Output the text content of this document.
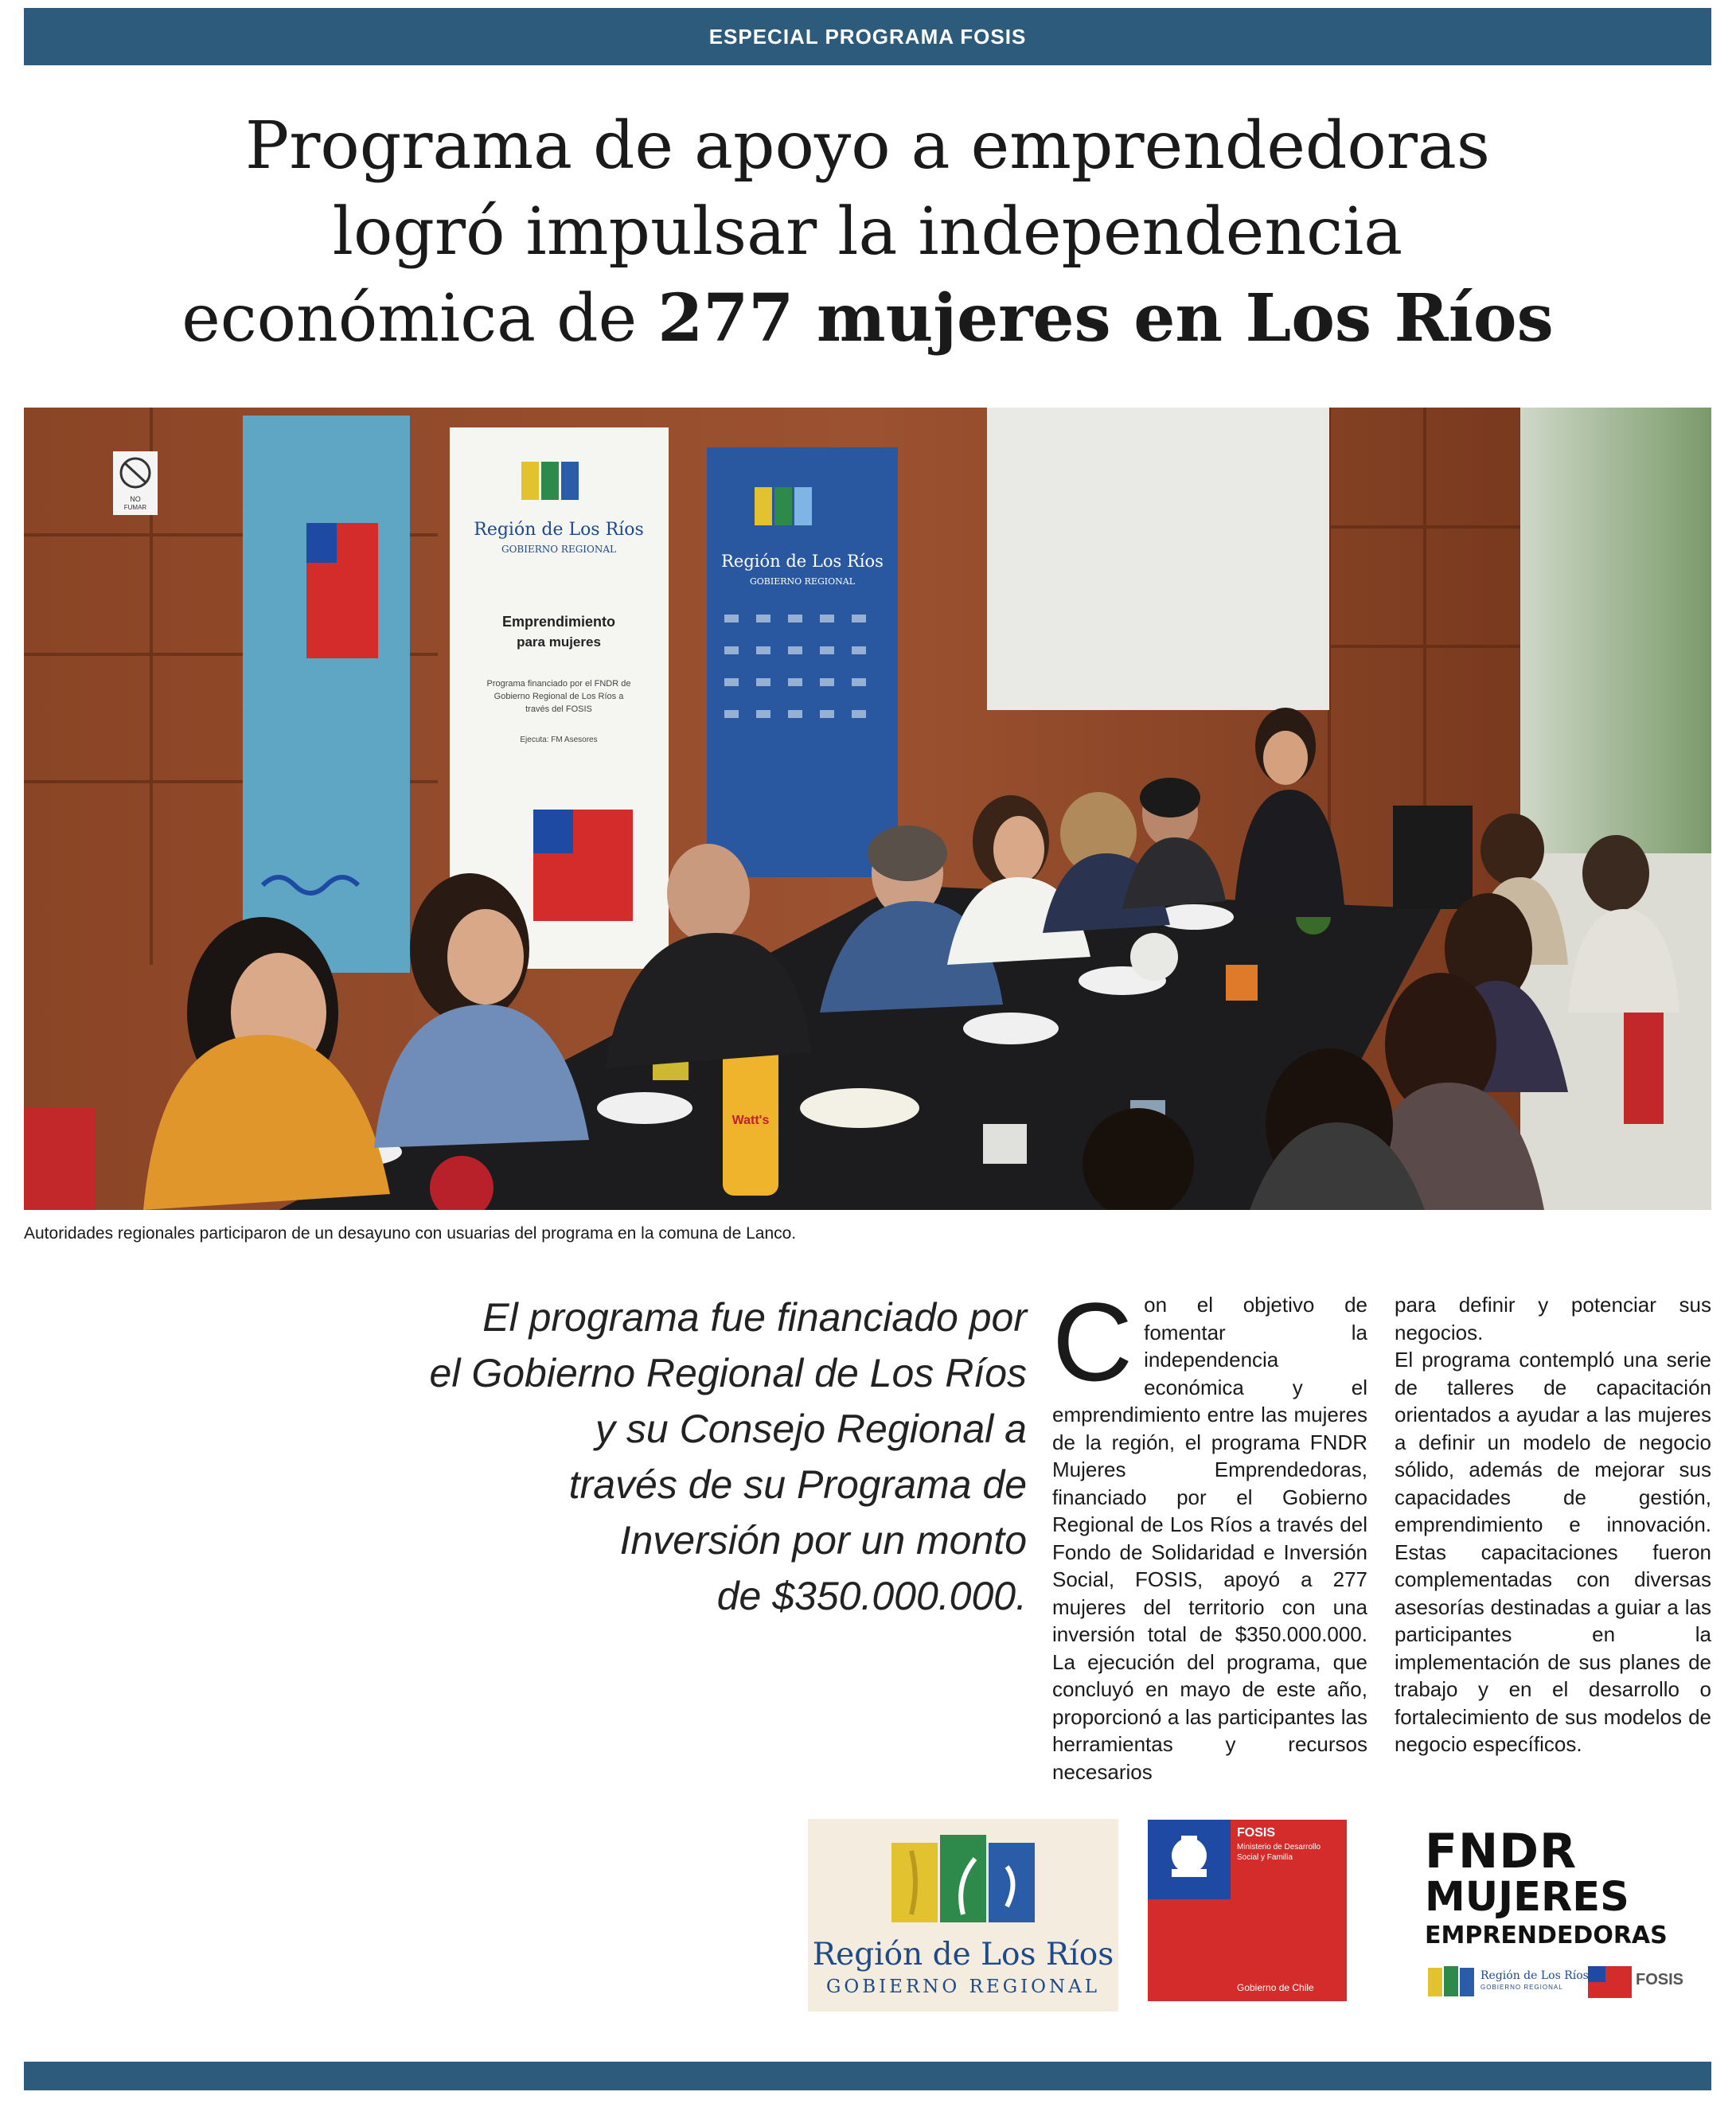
ESPECIAL PROGRAMA FOSIS
Programa de apoyo a emprendedoras
logró impulsar la independencia
económica de 277 mujeres en Los Ríos
NO
FUMAR
Región de Los Ríos
GOBIERNO REGIONAL
Emprendimiento
para mujeres
Programa financiado por el FNDR de
Gobierno Regional de Los Ríos a
través del FOSIS
Ejecuta: FM Asesores
Región de Los Ríos
GOBIERNO REGIONAL
Watt's
Autoridades regionales participaron de un desayuno con usuarias del programa en la comuna de Lanco.
El programa fue financiado por
el Gobierno Regional de Los Ríos
y su Consejo Regional a
través de su Programa de
Inversión por un monto
de $350.000.000.

Con el objetivo de fomentar la independencia económica y el emprendimiento entre las mujeres de la región, el programa FNDR Mujeres Emprendedoras, financiado por el Gobierno Regional de Los Ríos a través del Fondo de Solidaridad e Inversión Social, FOSIS, apoyó a 277 mujeres del territorio con una inversión total de $350.000.000. La ejecución del programa, que concluyó en mayo de este año, proporcionó a las participantes las herramientas y recursos necesarios

para definir y potenciar sus negocios.

El programa contempló una serie de talleres de capacitación orientados a ayudar a las mujeres a definir un modelo de negocio sólido, además de mejorar sus capacidades de gestión, emprendimiento e innovación. Estas capacitaciones fueron complementadas con diversas asesorías destinadas a guiar a las participantes en la implementación de sus planes de trabajo y en el desarrollo o fortalecimiento de sus modelos de negocio específicos.

Región de Los Ríos
GOBIERNO REGIONAL
FOSIS
Ministerio de Desarrollo Social y Familia
Gobierno de Chile
FNDR
MUJERES
EMPRENDEDORAS
Región de Los Ríos
GOBIERNO REGIONAL	FOSIS
